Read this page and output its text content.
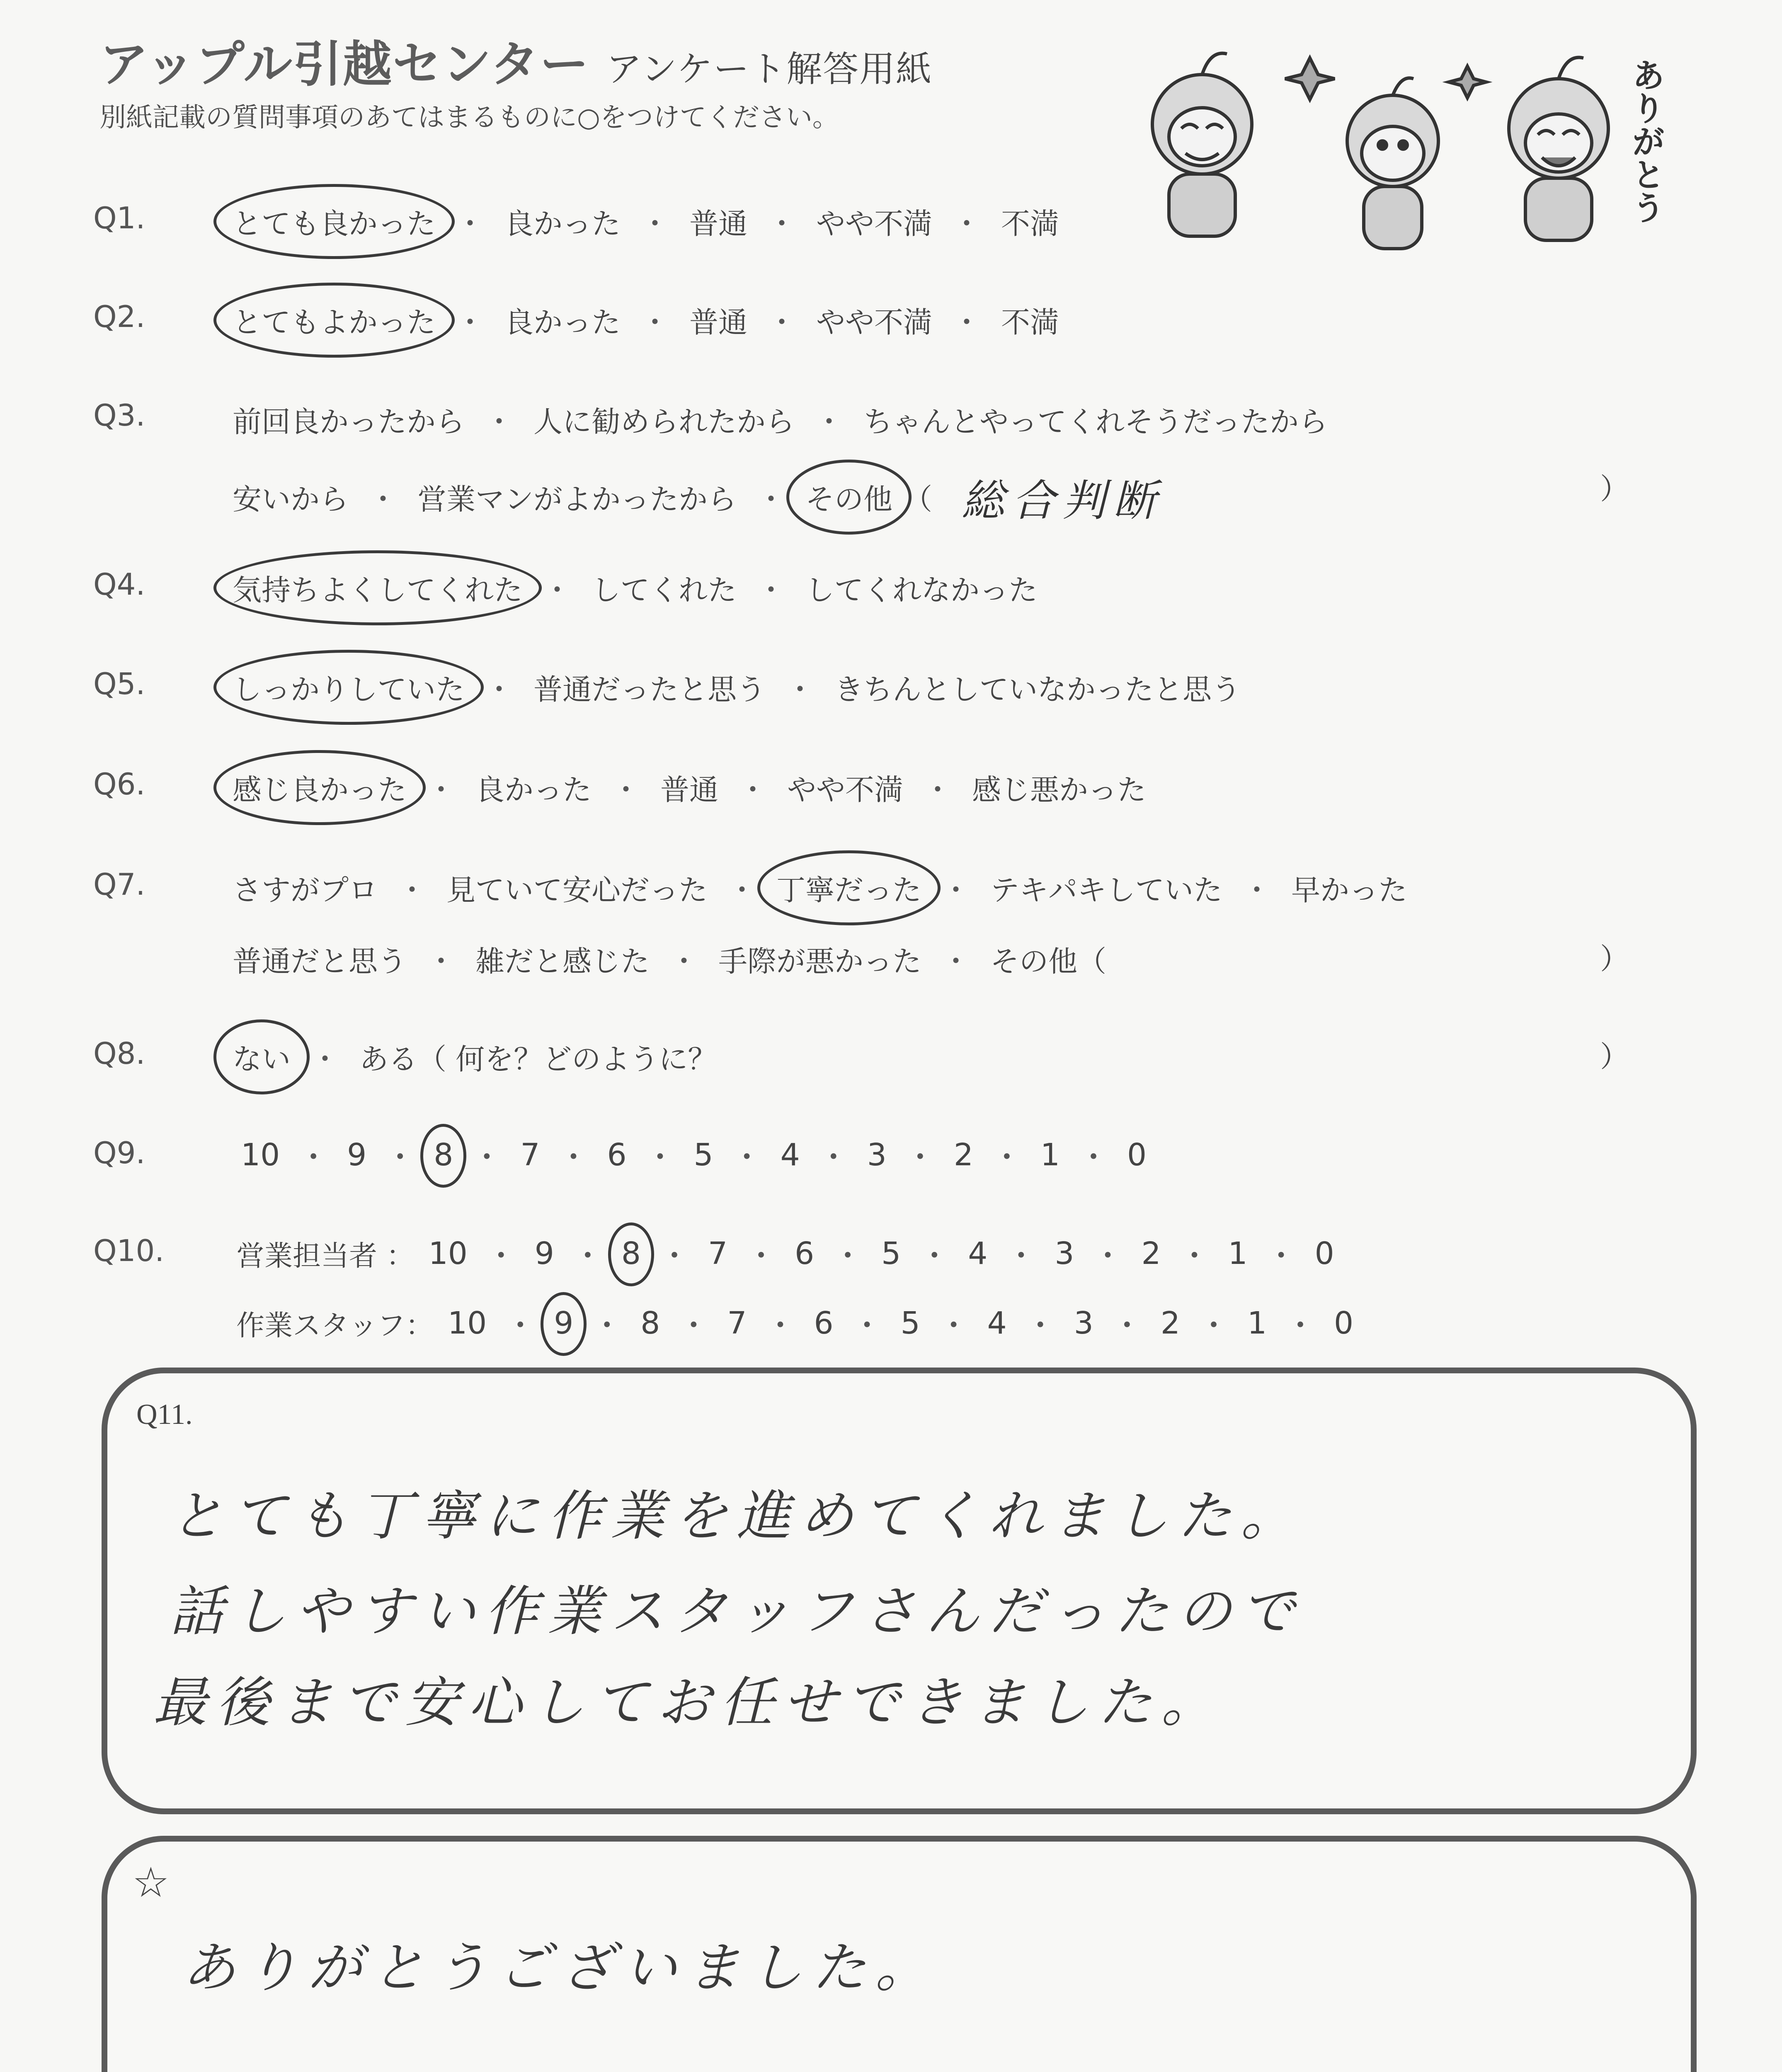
アップル引越センター アンケート解答用紙
別紙記載の質問事項のあてはまるものに○をつけてください。	ありがとう
Q1.	とても良かった ・ 良かった ・ 普通 ・ やや不満 ・ 不満
Q2.	とてもよかった ・ 良かった ・ 普通 ・ やや不満 ・ 不満
Q3.	前回良かったから ・ 人に勧められたから ・ ちゃんとやってくれそうだったから
安いから ・ 営業マンがよかったから ・ その他 （ 総合判断	）
Q4.	気持ちよくしてくれた ・ してくれた ・ してくれなかった
Q5.	しっかりしていた ・ 普通だったと思う ・ きちんとしていなかったと思う
Q6.	感じ良かった ・ 良かった ・ 普通 ・ やや不満 ・ 感じ悪かった
Q7.	さすがプロ ・ 見ていて安心だった ・ 丁寧だった ・ テキパキしていた ・ 早かった
普通だと思う ・ 雑だと感じた ・ 手際が悪かった ・ その他（	）
Q8.	ない ・ ある（ 何を？どのように？	）
Q9.	10 ・ 9 ・ 8 ・ 7 ・ 6 ・ 5 ・ 4 ・ 3 ・ 2 ・ 1 ・ 0
Q10.	営業担当者 ： 10 ・ 9 ・ 8 ・ 7 ・ 6 ・ 5 ・ 4 ・ 3 ・ 2 ・ 1 ・ 0
作業スタッフ： 10 ・ 9 ・ 8 ・ 7 ・ 6 ・ 5 ・ 4 ・ 3 ・ 2 ・ 1 ・ 0
Q11.
とても丁寧に作業を進めてくれました。
話しやすい作業スタッフさんだったので
最後まで安心してお任せできました。
☆
ありがとうございました。
